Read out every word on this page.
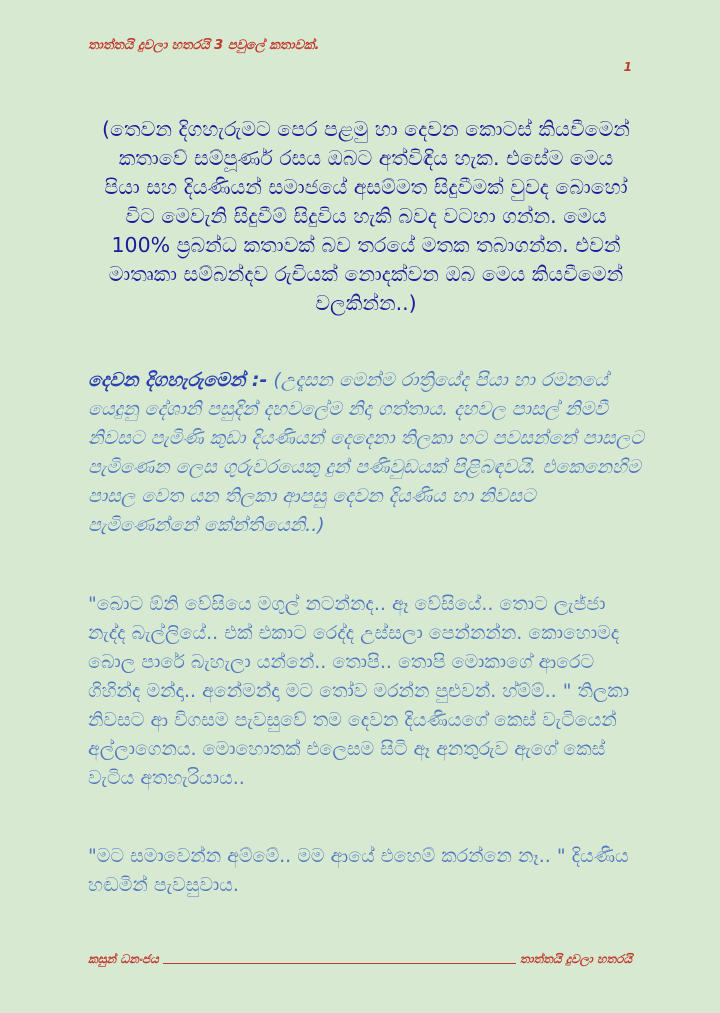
තාත්තයි දුවලා හතරයි 3 පවුලේ කතාවක්.
1
(තෙවන දිගහැරුමට පෙර පළමු හා දෙවන කොටස් කියවීමෙන් කතාවේ සම්පූර්ණ රසය ඔබට අත්විඳිය හැක. එසේම මෙය පියා සහ දියණියන් සමාජයේ අසම්මත සිදුවීමක් වුවද බොහෝ විට මෙවැනි සිදුවීම් සිදුවිය හැකි බවද වටහා ගන්න. මෙය 100% ප්‍රබන්ධ කතාවක් බව තරයේ මතක තබාගන්න. එවන් මාතෘකා සම්බන්දව රුචියක් නොදක්වන ඔබ මෙය කියවීමෙන් වලකින්න..)
දෙවන දිගහැරුමෙන් :- (උදෑසන මෙන්ම රාත්‍රියේද පියා හා රමනයේ යෙදුනු දේශානි පසුදින් දහවලේම නිදා ගත්තාය. දහවල පාසල් නිමවී නිවසට පැමිණි කුඩා දියණියන් දෙදෙනා තිලකා හට පවසන්නේ පාසලට පැමිණෙන ලෙස ගුරුවරයෙකු දුන් පණිවුඩයක් පිළිබඳවයි. එකෙනෙහිම පාසල වෙත යන තිලකා ආපසු දෙවන දියණිය හා නිවසට පැමිණෙන්නේ කේන්තියෙනි..)
"බොට ඕනි වේසියෙ මගුල් නටන්නද.. ඈ වේසියේ.. තොට ලැජ්ජා නැද්ද බැල්ලියේ.. එක් එකාට රෙද්ද උස්සලා පෙන්නන්න. කොහොමද බොල පාරේ බැහැලා යන්නේ.. තොපි.. තොපි මොකාගේ ආරෙට ගිහින්ද මන්දා.. අනේමන්දා මට තෝව මරන්න පුළුවන්. හ්ම්ම්.. " තිලකා නිවසට ආ විගසම පැවසුවේ තම දෙවන දියණියගේ කෙස් වැටියෙන් අල්ලාගෙනය. මොහොතක් එලෙසම සිටි ඈ අනතුරුව ඇගේ කෙස් වැටිය අතහැරියාය..
"මට සමාවෙන්න අම්මේ.. මම ආයේ එහෙම් කරන්නෙ නෑ.. " දියණිය හඬමින් පැවසුවාය.
කසුන් ධනංජය	තාත්තයි දුවලා හතරයි
